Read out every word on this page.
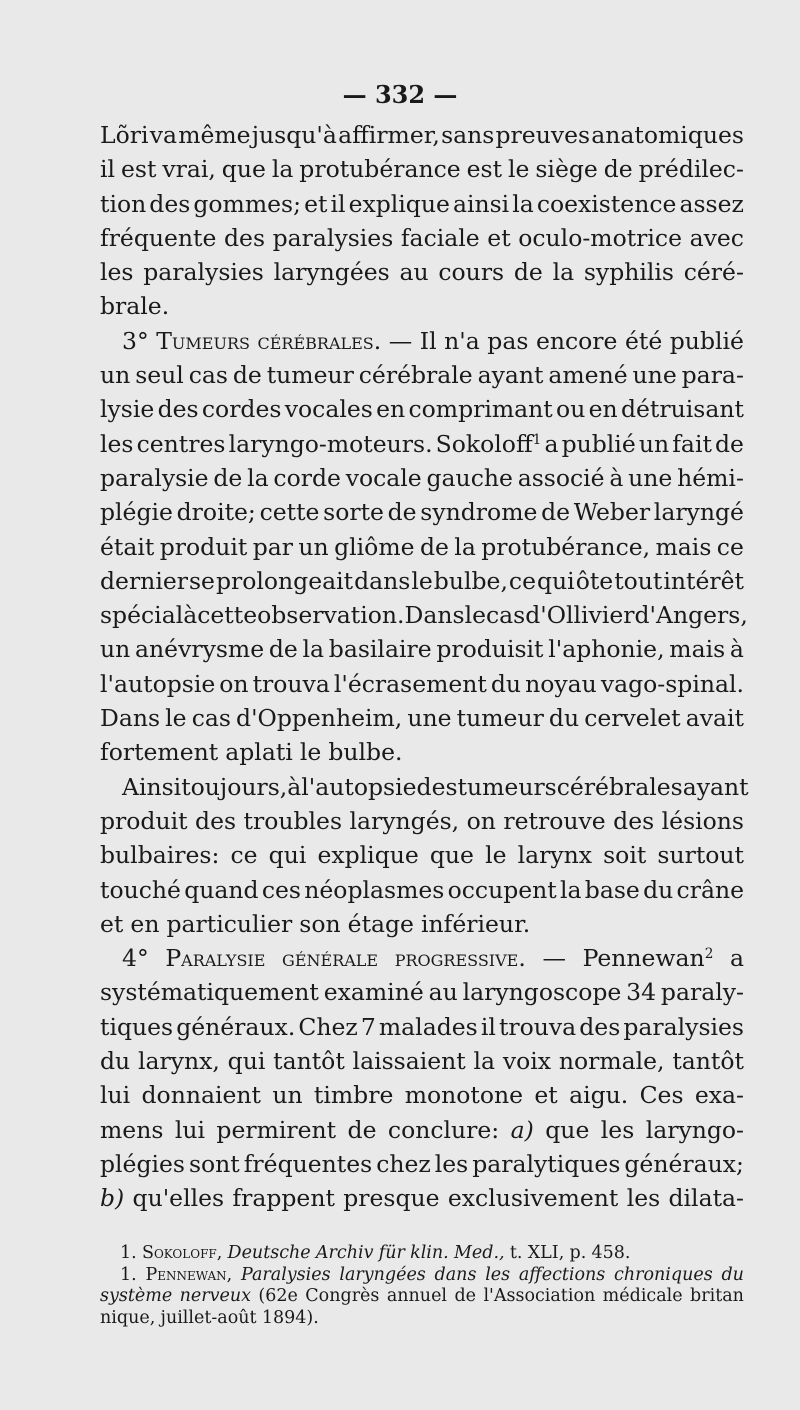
— 332 —
Lõri va même jusqu'à affirmer, sans preuves anatomiques
il est vrai, que la protubérance est le siège de prédilec-
tion des gommes; et il explique ainsi la coexistence assez
fréquente des paralysies faciale et oculo-motrice avec
les paralysies laryngées au cours de la syphilis céré-
brale.
3° Tumeurs cérébrales. — Il n'a pas encore été publié
un seul cas de tumeur cérébrale ayant amené une para-
lysie des cordes vocales en comprimant ou en détruisant
les centres laryngo-moteurs. Sokoloff$^1$ a publié un fait de
paralysie de la corde vocale gauche associé à une hémi-
plégie droite; cette sorte de syndrome de Weber laryngé
était produit par un gliôme de la protubérance, mais ce
dernier se prolongeait dans le bulbe, ce qui ôte tout intérêt
spécial à cette observation. Dans le cas d'Ollivier d'Angers,
un anévrysme de la basilaire produisit l'aphonie, mais à
l'autopsie on trouva l'écrasement du noyau vago-spinal.
Dans le cas d'Oppenheim, une tumeur du cervelet avait
fortement aplati le bulbe.
Ainsi toujours, à l'autopsie des tumeurs cérébrales ayant
produit des troubles laryngés, on retrouve des lésions
bulbaires: ce qui explique que le larynx soit surtout
touché quand ces néoplasmes occupent la base du crâne
et en particulier son étage inférieur.
4° Paralysie générale progressive. — Pennewan$^2$ a
systématiquement examiné au laryngoscope 34 paraly-
tiques généraux. Chez 7 malades il trouva des paralysies
du larynx, qui tantôt laissaient la voix normale, tantôt
lui donnaient un timbre monotone et aigu. Ces exa-
mens lui permirent de conclure: a) que les laryngo-
plégies sont fréquentes chez les paralytiques généraux;
b) qu'elles frappent presque exclusivement les dilata-
1. Sokoloff, Deutsche Archiv für klin. Med., t. XLI, p. 458.
1. Pennewan, Paralysies laryngées dans les affections chroniques du
système nerveux (62e Congrès annuel de l'Association médicale britan
nique, juillet-août 1894).
